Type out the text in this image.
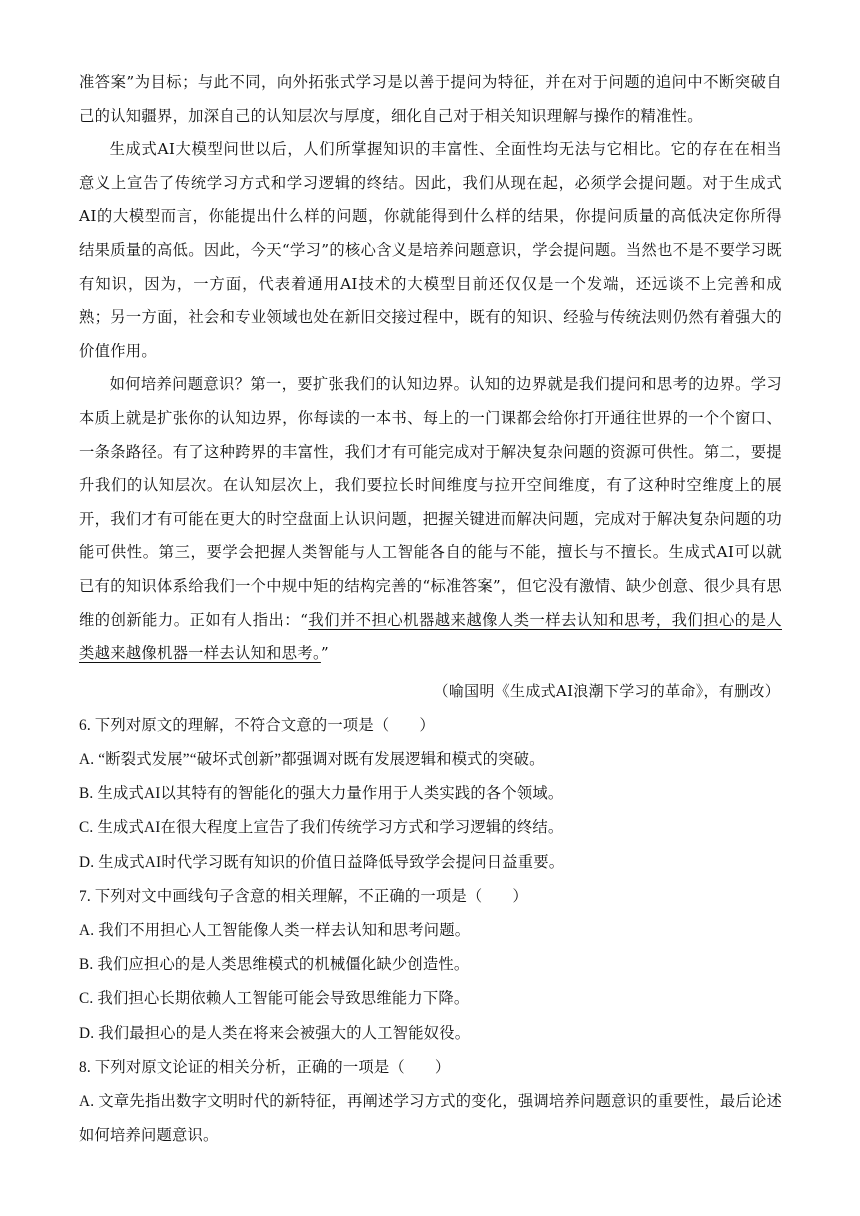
准答案”为目标；与此不同，向外拓张式学习是以善于提问为特征，并在对于问题的追问中不断突破自己的认知疆界，加深自己的认知层次与厚度，细化自己对于相关知识理解与操作的精准性。

生成式AI大模型问世以后，人们所掌握知识的丰富性、全面性均无法与它相比。它的存在在相当意义上宣告了传统学习方式和学习逻辑的终结。因此，我们从现在起，必须学会提问题。对于生成式AI的大模型而言，你能提出什么样的问题，你就能得到什么样的结果，你提问质量的高低决定你所得结果质量的高低。因此，今天“学习”的核心含义是培养问题意识，学会提问题。当然也不是不要学习既有知识，因为，一方面，代表着通用AI技术的大模型目前还仅仅是一个发端，还远谈不上完善和成熟；另一方面，社会和专业领域也处在新旧交接过程中，既有的知识、经验与传统法则仍然有着强大的价值作用。

如何培养问题意识？第一，要扩张我们的认知边界。认知的边界就是我们提问和思考的边界。学习本质上就是扩张你的认知边界，你每读的一本书、每上的一门课都会给你打开通往世界的一个个窗口、一条条路径。有了这种跨界的丰富性，我们才有可能完成对于解决复杂问题的资源可供性。第二，要提升我们的认知层次。在认知层次上，我们要拉长时间维度与拉开空间维度，有了这种时空维度上的展开，我们才有可能在更大的时空盘面上认识问题，把握关键进而解决问题，完成对于解决复杂问题的功能可供性。第三，要学会把握人类智能与人工智能各自的能与不能，擅长与不擅长。生成式AI可以就已有的知识体系给我们一个中规中矩的结构完善的“标准答案”，但它没有激情、缺少创意、很少具有思维的创新能力。正如有人指出：“我们并不担心机器越来越像人类一样去认知和思考，我们担心的是人类越来越像机器一样去认知和思考。”

（喻国明《生成式AI浪潮下学习的革命》，有删改）

6. 下列对原文的理解，不符合文意的一项是（ ）

A. “断裂式发展”“破坏式创新”都强调对既有发展逻辑和模式的突破。

B. 生成式AI以其特有的智能化的强大力量作用于人类实践的各个领域。

C. 生成式AI在很大程度上宣告了我们传统学习方式和学习逻辑的终结。

D. 生成式AI时代学习既有知识的价值日益降低导致学会提问日益重要。

7. 下列对文中画线句子含意的相关理解，不正确的一项是（ ）

A. 我们不用担心人工智能像人类一样去认知和思考问题。

B. 我们应担心的是人类思维模式的机械僵化缺少创造性。

C. 我们担心长期依赖人工智能可能会导致思维能力下降。

D. 我们最担心的是人类在将来会被强大的人工智能奴役。

8. 下列对原文论证的相关分析，正确的一项是（ ）

A. 文章先指出数字文明时代的新特征，再阐述学习方式的变化，强调培养问题意识的重要性，最后论述如何培养问题意识。
